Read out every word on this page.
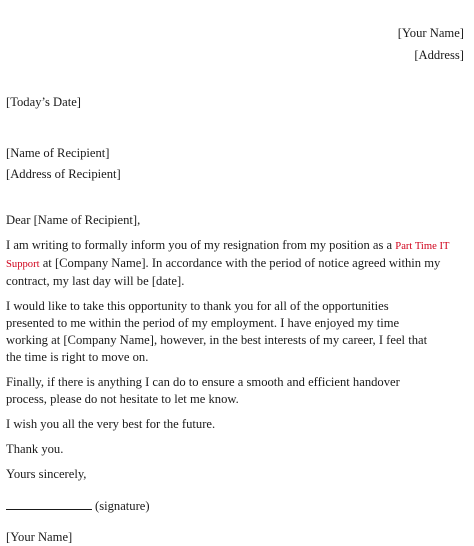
[Your Name]
[Address]
[Today’s Date]
[Name of Recipient]
[Address of Recipient]

Dear [Name of Recipient],

I am writing to formally inform you of my resignation from my position as a Part Time IT
Support at [Company Name]. In accordance with the period of notice agreed within my
contract, my last day will be [date].

I would like to take this opportunity to thank you for all of the opportunities
presented to me within the period of my employment. I have enjoyed my time
working at [Company Name], however, in the best interests of my career, I feel that
the time is right to move on.

Finally, if there is anything I can do to ensure a smooth and efficient handover
process, please do not hesitate to let me know.

I wish you all the very best for the future.

Thank you.

Yours sincerely,

(signature)

[Your Name]
